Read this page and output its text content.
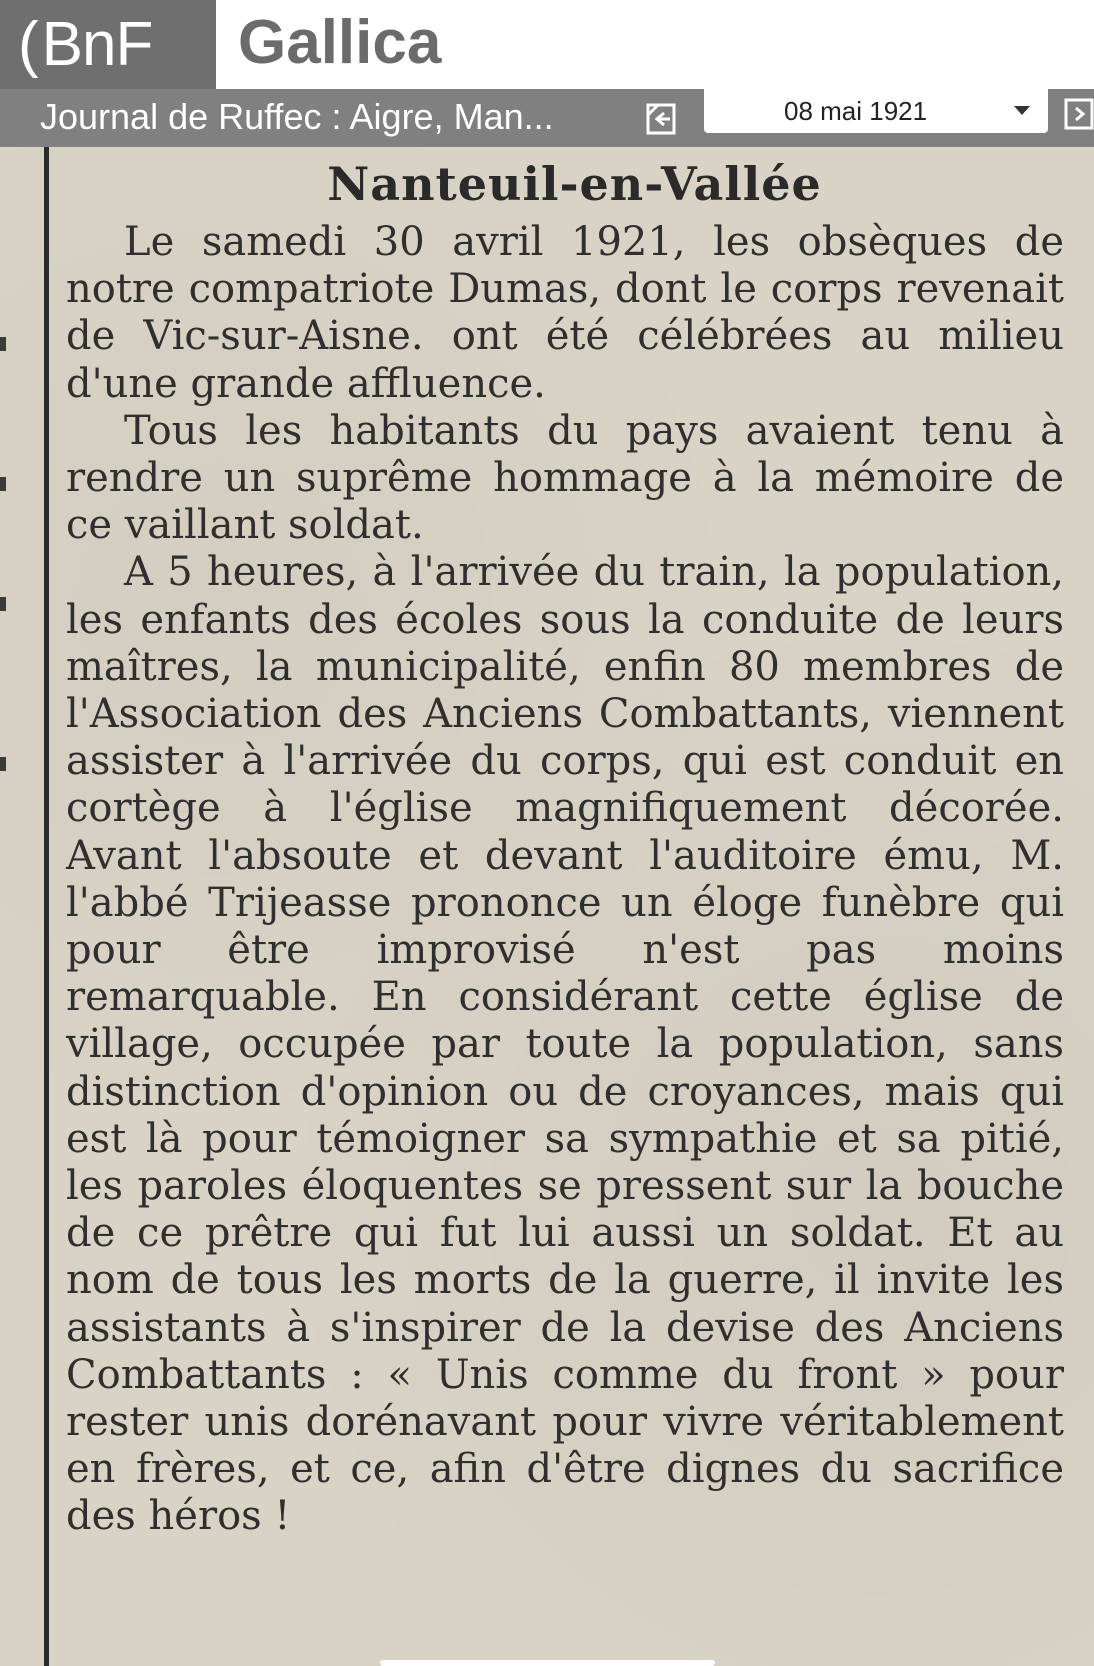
(BnF	Gallica
Journal de Ruffec : Aigre, Man...	08 mai 1921
Nanteuil-en-Vallée

Le samedi 30 avril 1921, les obsèques de notre compatriote Dumas, dont le corps revenait de Vic-sur-Aisne. ont été célébrées au milieu d'une grande affluence.

Tous les habitants du pays avaient tenu à rendre un suprême hommage à la mémoire de ce vaillant soldat.

A 5 heures, à l'arrivée du train, la population, les enfants des écoles sous la conduite de leurs maîtres, la municipalité, enfin 80 membres de l'Association des Anciens Combattants, viennent assister à l'arrivée du corps, qui est conduit en cortège à l'église magnifiquement décorée. Avant l'absoute et devant l'auditoire ému, M. l'abbé Trijeasse prononce un éloge funèbre qui pour être improvisé n'est pas moins remarquable. En considérant cette église de village, occupée par toute la population, sans distinction d'opinion ou de croyances, mais qui est là pour témoigner sa sympathie et sa pitié, les paroles éloquentes se pressent sur la bouche de ce prêtre qui fut lui aussi un soldat. Et au nom de tous les morts de la guerre, il invite les assistants à s'inspirer de la devise des Anciens Combattants : « Unis comme du front » pour rester unis dorénavant pour vivre véritablement en frères, et ce, afin d'être dignes du sacrifice des héros !
